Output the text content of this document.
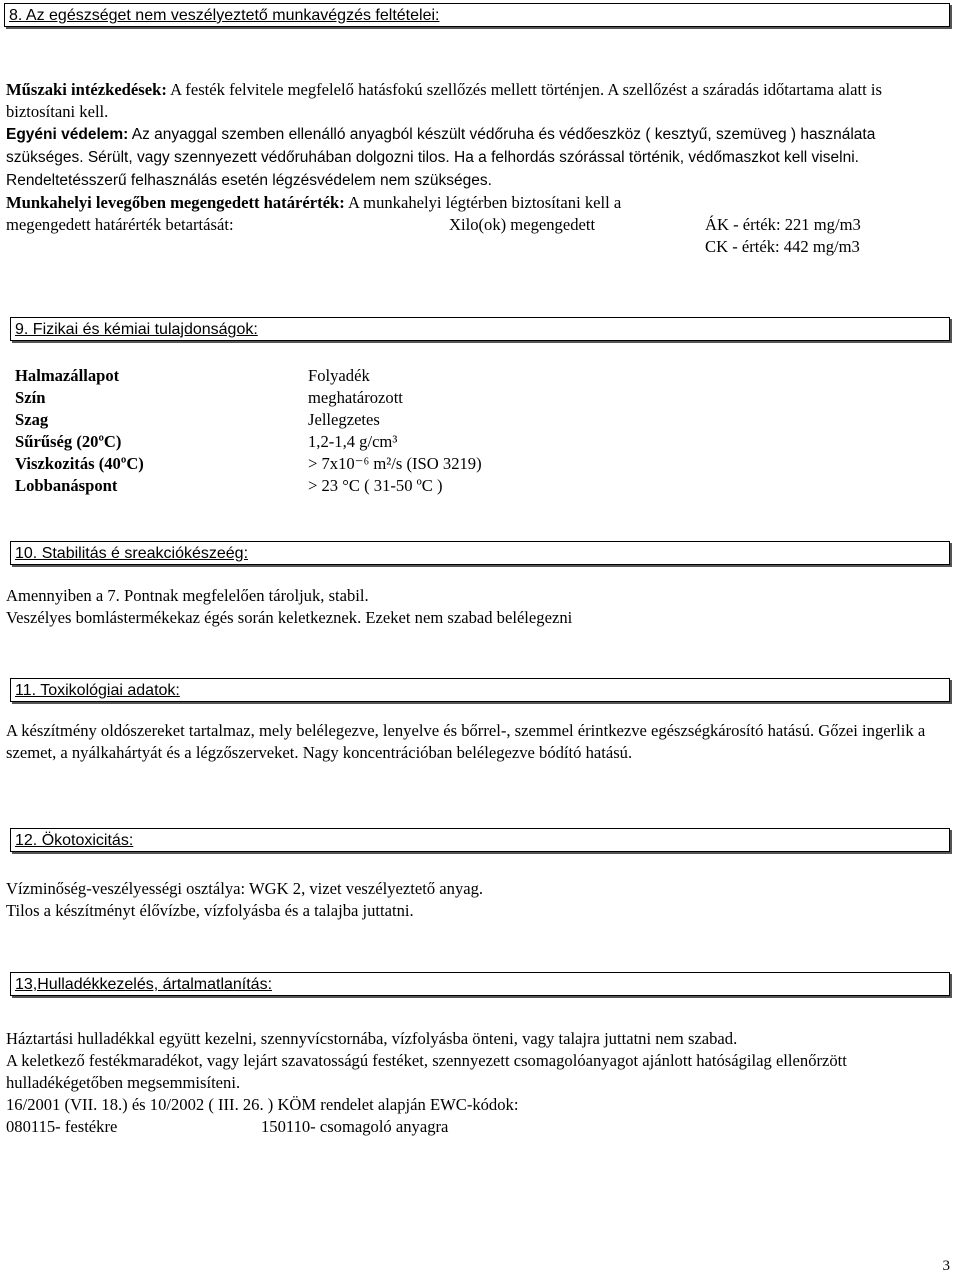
8. Az egészséget nem veszélyeztető munkavégzés feltételei:
Műszaki intézkedések: A festék felvitele megfelelő hatásfokú szellőzés mellett történjen. A szellőzést a száradás időtartama alatt is biztosítani kell.
Egyéni védelem: Az anyaggal szemben ellenálló anyagból készült védőruha és védőeszköz ( kesztyű, szemüveg ) használata szükséges. Sérült, vagy szennyezett védőruhában dolgozni tilos. Ha a felhordás szórással történik, védőmaszkot kell viselni. Rendeltetésszerű felhasználás esetén légzésvédelem nem szükséges.
Munkahelyi levegőben megengedett határérték: A munkahelyi légtérben biztosítani kell a
megengedett határérték betartását:	Xilo(ok) megengedett	ÁK - érték: 221 mg/m3
CK - érték: 442 mg/m3
9. Fizikai és kémiai tulajdonságok:
Halmazállapot	Folyadék
Szín	meghatározott
Szag	Jellegzetes
Sűrűség (20ºC)	1,2-1,4 g/cm³
Viszkozitás (40ºC)	> 7x10⁻⁶ m²/s (ISO 3219)
Lobbanáspont	> 23 °C ( 31-50 ºC )
10. Stabilitás é sreakciókészeég:
Amennyiben a 7. Pontnak megfelelően tároljuk, stabil.
Veszélyes bomlástermékekaz égés során keletkeznek. Ezeket nem szabad belélegezni
11. Toxikológiai adatok:
A készítmény oldószereket tartalmaz, mely belélegezve, lenyelve és bőrrel-, szemmel érintkezve egészségkárosító hatású. Gőzei ingerlik a szemet, a nyálkahártyát és a légzőszerveket. Nagy koncentrációban belélegezve bódító hatású.
12. Ökotoxicitás:
Vízminőség-veszélyességi osztálya: WGK 2, vizet veszélyeztető anyag.
Tilos a készítményt élővízbe, vízfolyásba és a talajba juttatni.
13,Hulladékkezelés, ártalmatlanítás:
Háztartási hulladékkal együtt kezelni, szennyvícstornába, vízfolyásba önteni, vagy talajra juttatni nem szabad.
A keletkező festékmaradékot, vagy lejárt szavatosságú festéket, szennyezett csomagolóanyagot ajánlott hatóságilag ellenőrzött hulladékégetőben megsemmisíteni.
16/2001 (VII. 18.) és 10/2002 ( III. 26. ) KÖM rendelet alapján EWC-kódok:
080115- festékre	150110- csomagoló anyagra
3
